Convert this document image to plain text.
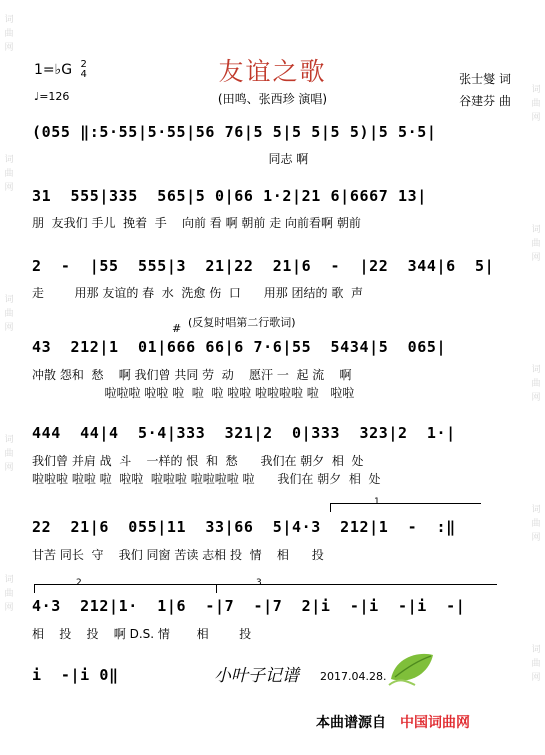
词
曲
网
词
曲
网
词
曲
网
词
曲
网
词
曲
网
词
曲
网
词
曲
网
词
曲
网
词
曲
网
词
曲
网
1=♭G 2
4
♩=126
友谊之歌
(田鸣、张西珍 演唱)
张士燮 词
谷建芬 曲
(055 ‖:5·55|5·55|56 76|5 5|5 5|5 5)|5 5·5|
同志 啊
31  555|335  565|5 0|66 1·2|21 6|6667 13|
朋  友我们 手儿  挽着  手    向前 看 啊 朝前 走 向前看啊 朝前
2  -  |55  555|3  21|22  21|6  -  |22  344|6  5|
走        用那 友谊的 春  水  洗愈 伤  口      用那 团结的 歌  声
(反复时唱第二行歌词)
#
43  212|1  01|666 66|6 7·6|55  5434|5  065|
冲散 怨和  愁    啊 我们曾 共同 劳  动    愿汗 一  起 流    啊
啦啦啦 啦啦 啦  啦  啦 啦啦 啦啦啦啦 啦   啦啦
444  44|4  5·4|333  321|2  0|333  323|2  1·|
我们曾 并肩 战  斗    一样的 恨  和  愁      我们在 朝夕  相  处
啦啦啦 啦啦 啦  啦啦  啦啦啦 啦啦啦啦 啦      我们在 朝夕  相  处
1
22  21|6  055|11  33|66  5|4·3  212|1  -  :‖
甘苦 同长  守    我们 同窗 苦读 志相 投  情    相      投
2	3
4·3  212|1·  1|6  -|7  -|7  2|i  -|i  -|i  -|
相    投    投    啊 D.S. 情       相        投
i  -|i 0‖	小叶子记谱 2017.04.28.
本曲谱源自 中国词曲网
